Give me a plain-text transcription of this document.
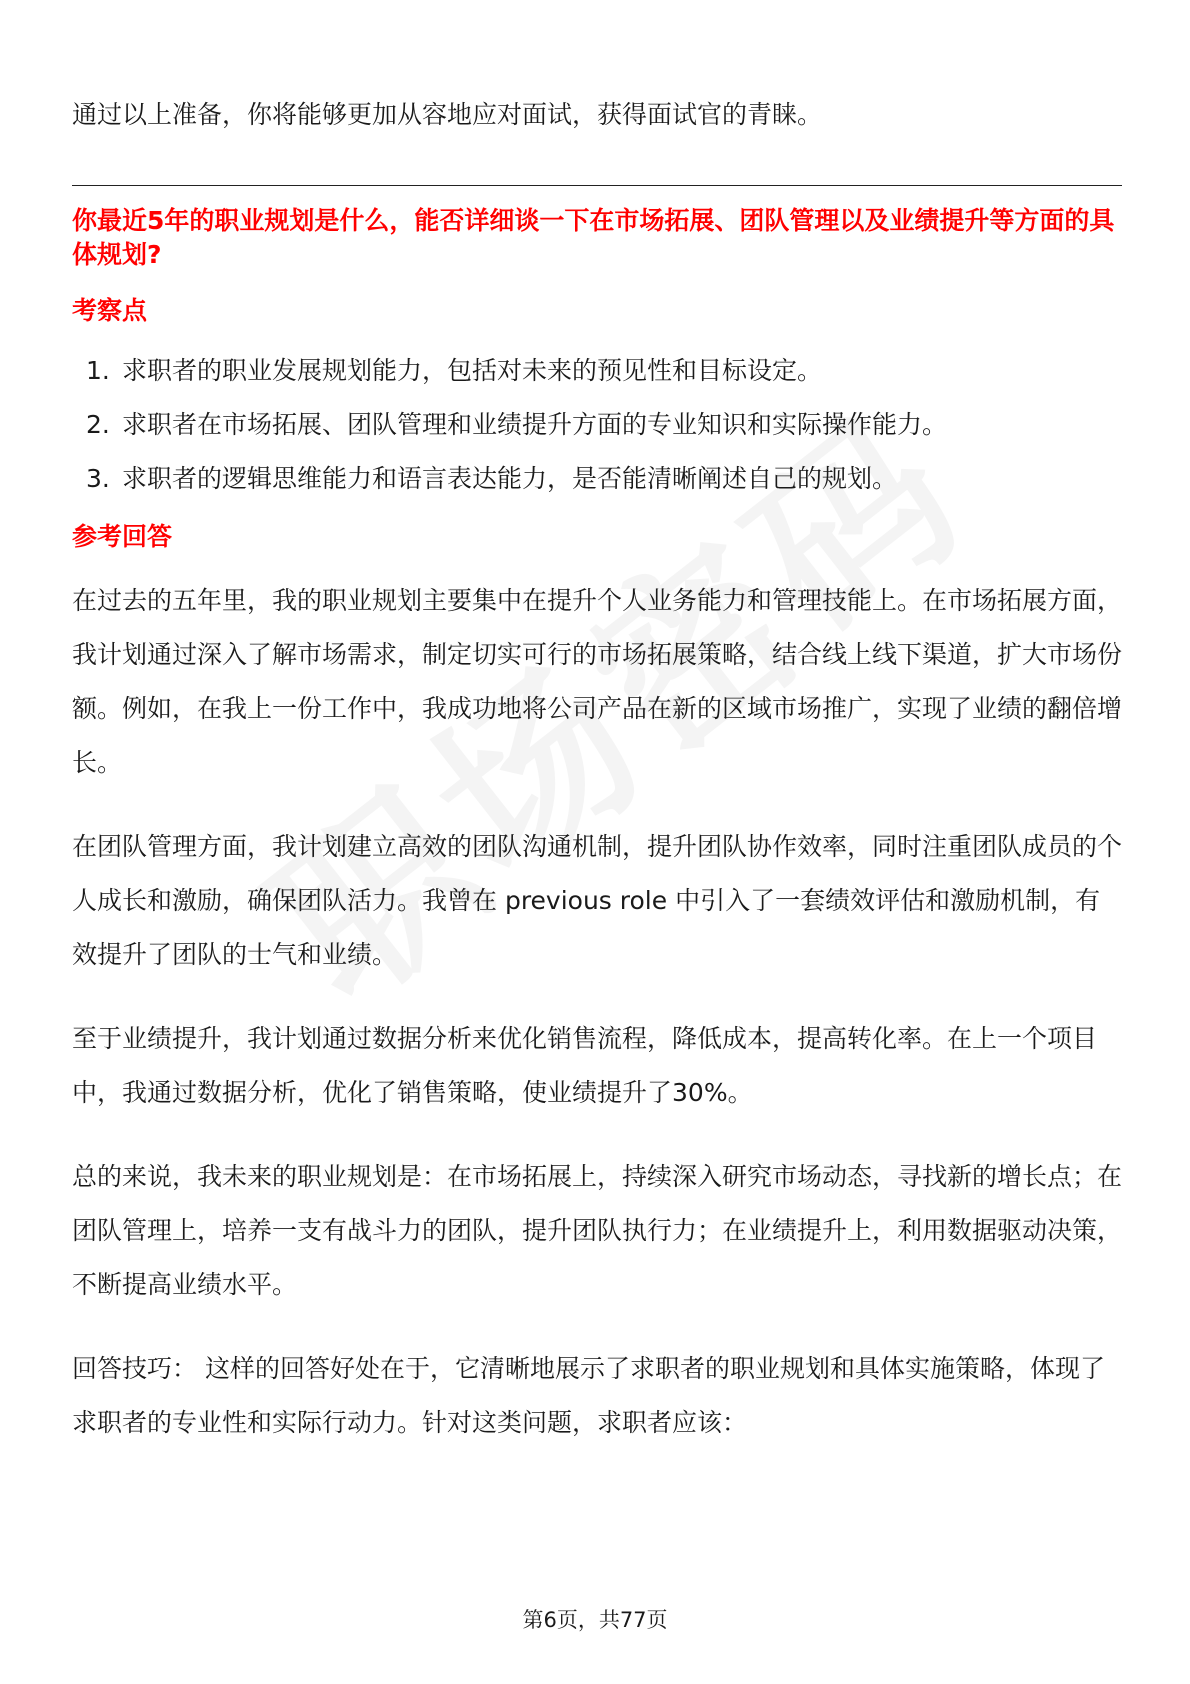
通过以上准备，你将能够更加从容地应对面试，获得面试官的青睐。

你最近5年的职业规划是什么，能否详细谈一下在市场拓展、团队管理以及业绩提升等方面的具体规划?

考察点

1. 求职者的职业发展规划能力，包括对未来的预见性和目标设定。
2. 求职者在市场拓展、团队管理和业绩提升方面的专业知识和实际操作能力。
3. 求职者的逻辑思维能力和语言表达能力，是否能清晰阐述自己的规划。

参考回答

在过去的五年里，我的职业规划主要集中在提升个人业务能力和管理技能上。在市场拓展方面，我计划通过深入了解市场需求，制定切实可行的市场拓展策略，结合线上线下渠道，扩大市场份额。例如，在我上一份工作中，我成功地将公司产品在新的区域市场推广，实现了业绩的翻倍增长。

在团队管理方面，我计划建立高效的团队沟通机制，提升团队协作效率，同时注重团队成员的个人成长和激励，确保团队活力。我曾在 previous role 中引入了一套绩效评估和激励机制，有效提升了团队的士气和业绩。

至于业绩提升，我计划通过数据分析来优化销售流程，降低成本，提高转化率。在上一个项目中，我通过数据分析，优化了销售策略，使业绩提升了30%。

总的来说，我未来的职业规划是：在市场拓展上，持续深入研究市场动态，寻找新的增长点；在团队管理上，培养一支有战斗力的团队，提升团队执行力；在业绩提升上，利用数据驱动决策，不断提高业绩水平。

回答技巧： 这样的回答好处在于，它清晰地展示了求职者的职业规划和具体实施策略，体现了求职者的专业性和实际行动力。针对这类问题，求职者应该：

第6页，共77页
